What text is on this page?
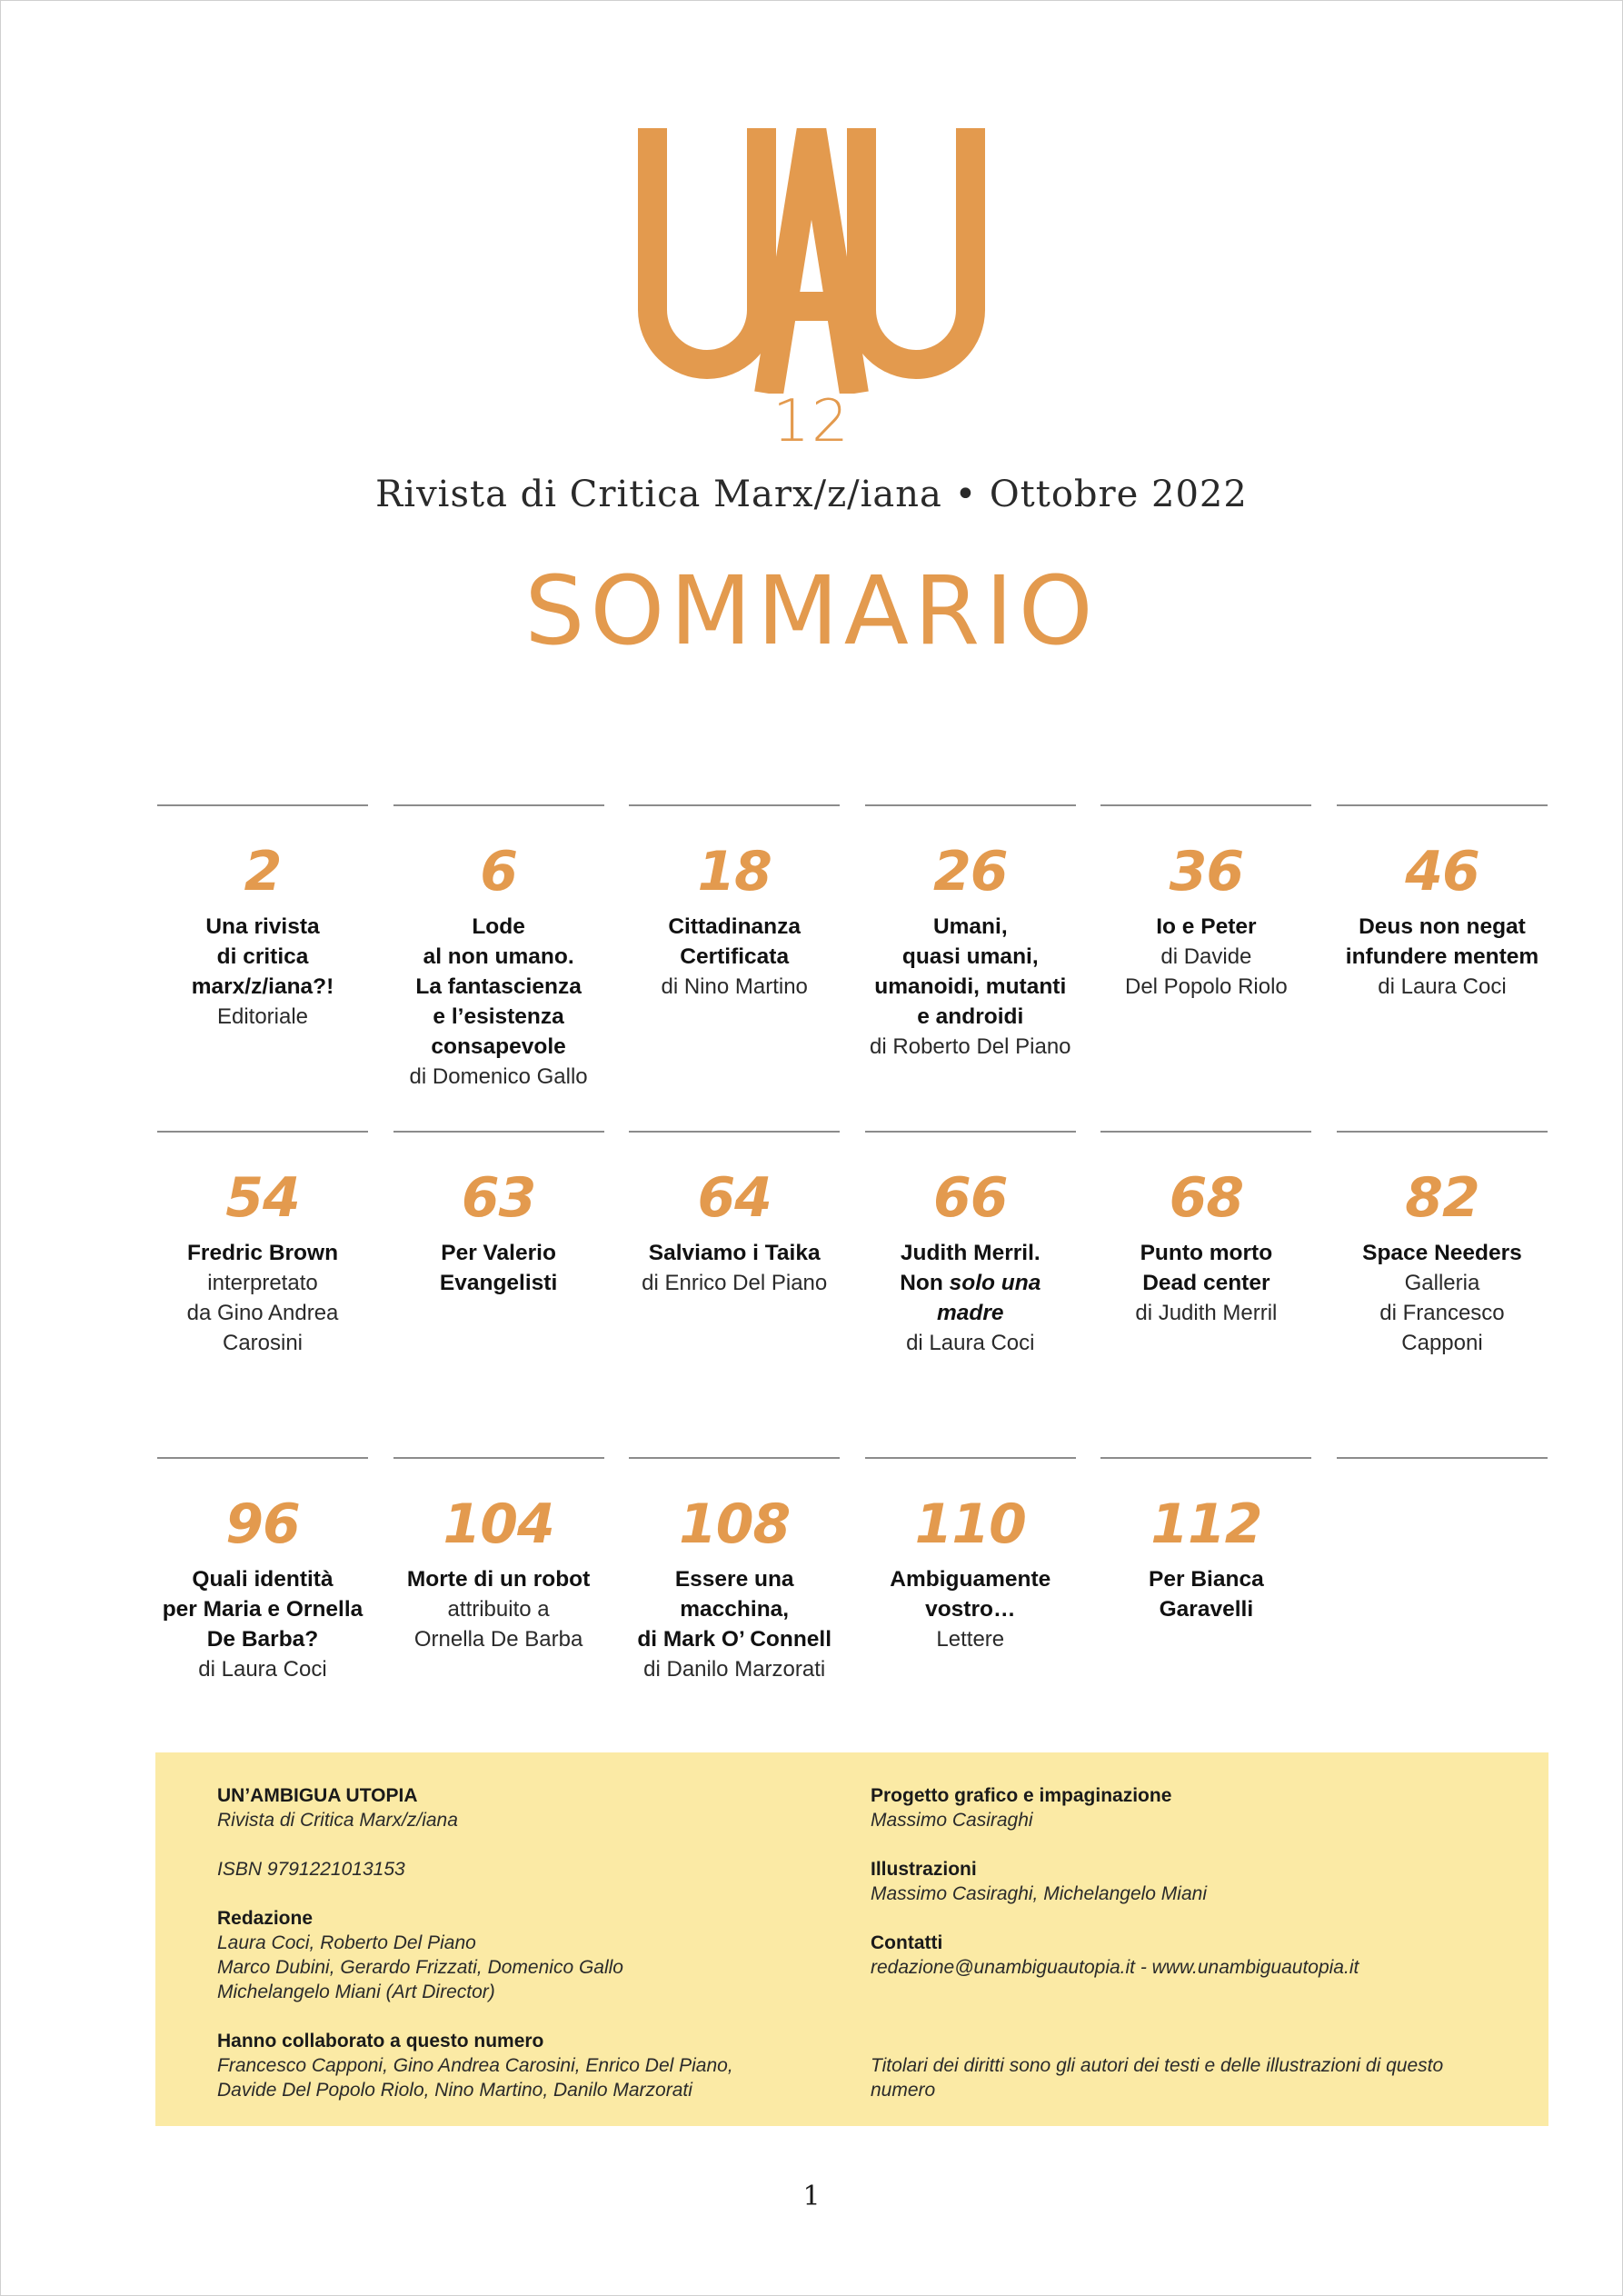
12
Rivista di Critica Marx/z/iana • Ottobre 2022
SOMMARIO
2
Una rivista
di critica
marx/z/iana?!
Editoriale
6
Lode
al non umano.
La fantascienza
e l’esistenza
consapevole
di Domenico Gallo
18
Cittadinanza
Certificata
di Nino Martino
26
Umani,
quasi umani,
umanoidi, mutanti
e androidi
di Roberto Del Piano
36
Io e Peter
di Davide
Del Popolo Riolo
46
Deus non negat
infundere mentem
di Laura Coci
54
Fredric Brown
interpretato
da Gino Andrea
Carosini
63
Per Valerio
Evangelisti
64
Salviamo i Taika
di Enrico Del Piano
66
Judith Merril.
Non solo una
madre
di Laura Coci
68
Punto morto
Dead center
di Judith Merril
82
Space Needers
Galleria
di Francesco
Capponi
96
Quali identità
per Maria e Ornella
De Barba?
di Laura Coci
104
Morte di un robot
attribuito a
Ornella De Barba
108
Essere una
macchina,
di Mark O’ Connell
di Danilo Marzorati
110
Ambiguamente
vostro…
Lettere
112
Per Bianca
Garavelli
UN’AMBIGUA UTOPIA
Rivista di Critica Marx/z/iana
ISBN 9791221013153
Redazione
Laura Coci, Roberto Del Piano
Marco Dubini, Gerardo Frizzati, Domenico Gallo
Michelangelo Miani (Art Director)
Hanno collaborato a questo numero
Francesco Capponi, Gino Andrea Carosini, Enrico Del Piano,
Davide Del Popolo Riolo, Nino Martino, Danilo Marzorati
Progetto grafico e impaginazione
Massimo Casiraghi
Illustrazioni
Massimo Casiraghi, Michelangelo Miani
Contatti
redazione@unambiguautopia.it - www.unambiguautopia.it
Titolari dei diritti sono gli autori dei testi e delle illustrazioni di questo numero
1
